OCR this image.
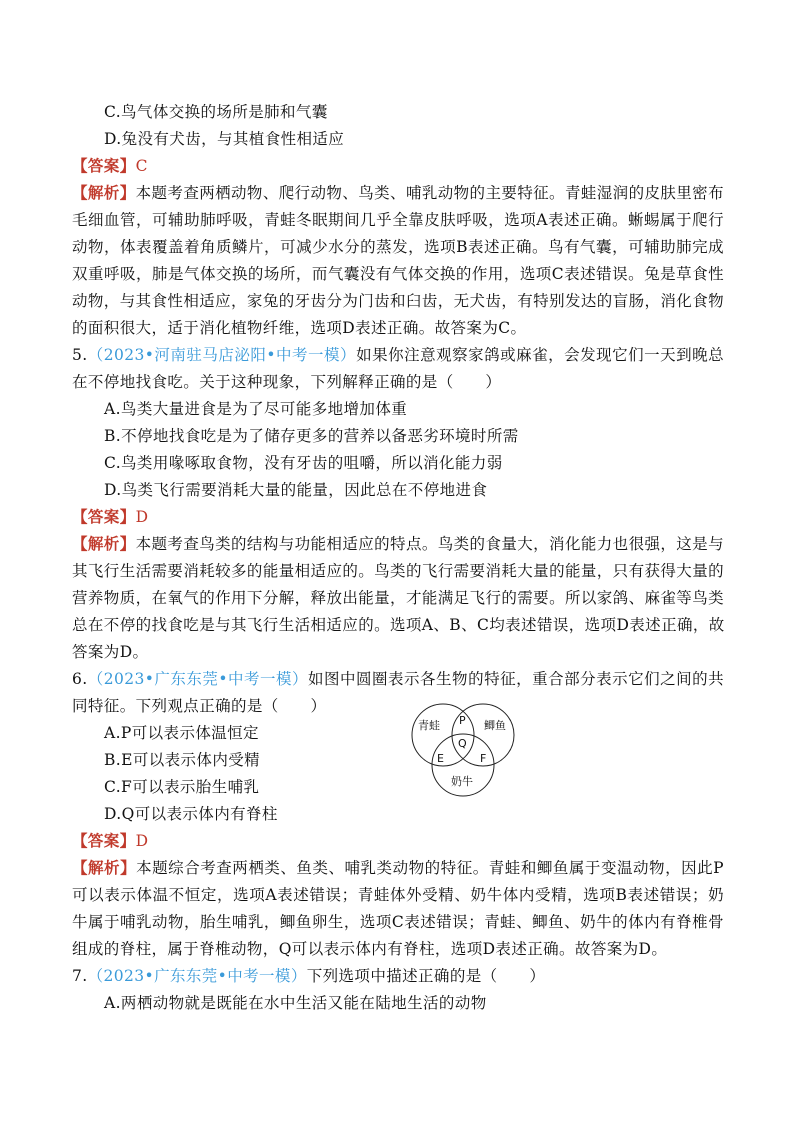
C.鸟气体交换的场所是肺和气囊
D.兔没有犬齿，与其植食性相适应
【答案】C
【解析】本题考查两栖动物、爬行动物、鸟类、哺乳动物的主要特征。青蛙湿润的皮肤里密布
毛细血管，可辅助肺呼吸，青蛙冬眠期间几乎全靠皮肤呼吸，选项A表述正确。蜥蜴属于爬行
动物，体表覆盖着角质鳞片，可减少水分的蒸发，选项B表述正确。鸟有气囊，可辅助肺完成
双重呼吸，肺是气体交换的场所，而气囊没有气体交换的作用，选项C表述错误。兔是草食性
动物，与其食性相适应，家兔的牙齿分为门齿和臼齿，无犬齿，有特别发达的盲肠，消化食物
的面积很大，适于消化植物纤维，选项D表述正确。故答案为C。
5.（2023•河南驻马店泌阳•中考一模）如果你注意观察家鸽或麻雀，会发现它们一天到晚总
在不停地找食吃。关于这种现象，下列解释正确的是（　　）
A.鸟类大量进食是为了尽可能多地增加体重
B.不停地找食吃是为了储存更多的营养以备恶劣环境时所需
C.鸟类用喙啄取食物，没有牙齿的咀嚼，所以消化能力弱
D.鸟类飞行需要消耗大量的能量，因此总在不停地进食
【答案】D
【解析】本题考查鸟类的结构与功能相适应的特点。鸟类的食量大，消化能力也很强，这是与
其飞行生活需要消耗较多的能量相适应的。鸟类的飞行需要消耗大量的能量，只有获得大量的
营养物质，在氧气的作用下分解，释放出能量，才能满足飞行的需要。所以家鸽、麻雀等鸟类
总在不停的找食吃是与其飞行生活相适应的。选项A、B、C均表述错误，选项D表述正确，故
答案为D。
6.（2023•广东东莞•中考一模）如图中圆圈表示各生物的特征，重合部分表示它们之间的共
同特征。下列观点正确的是（　　）
A.P可以表示体温恒定
B.E可以表示体内受精
C.F可以表示胎生哺乳
D.Q可以表示体内有脊柱
青蛙	鲫鱼
奶牛
P
Q
E	F
【答案】D
【解析】本题综合考查两栖类、鱼类、哺乳类动物的特征。青蛙和鲫鱼属于变温动物，因此P
可以表示体温不恒定，选项A表述错误；青蛙体外受精、奶牛体内受精，选项B表述错误；奶
牛属于哺乳动物，胎生哺乳，鲫鱼卵生，选项C表述错误；青蛙、鲫鱼、奶牛的体内有脊椎骨
组成的脊柱，属于脊椎动物，Q可以表示体内有脊柱，选项D表述正确。故答案为D。
7.（2023•广东东莞•中考一模）下列选项中描述正确的是（　　）
A.两栖动物就是既能在水中生活又能在陆地生活的动物
